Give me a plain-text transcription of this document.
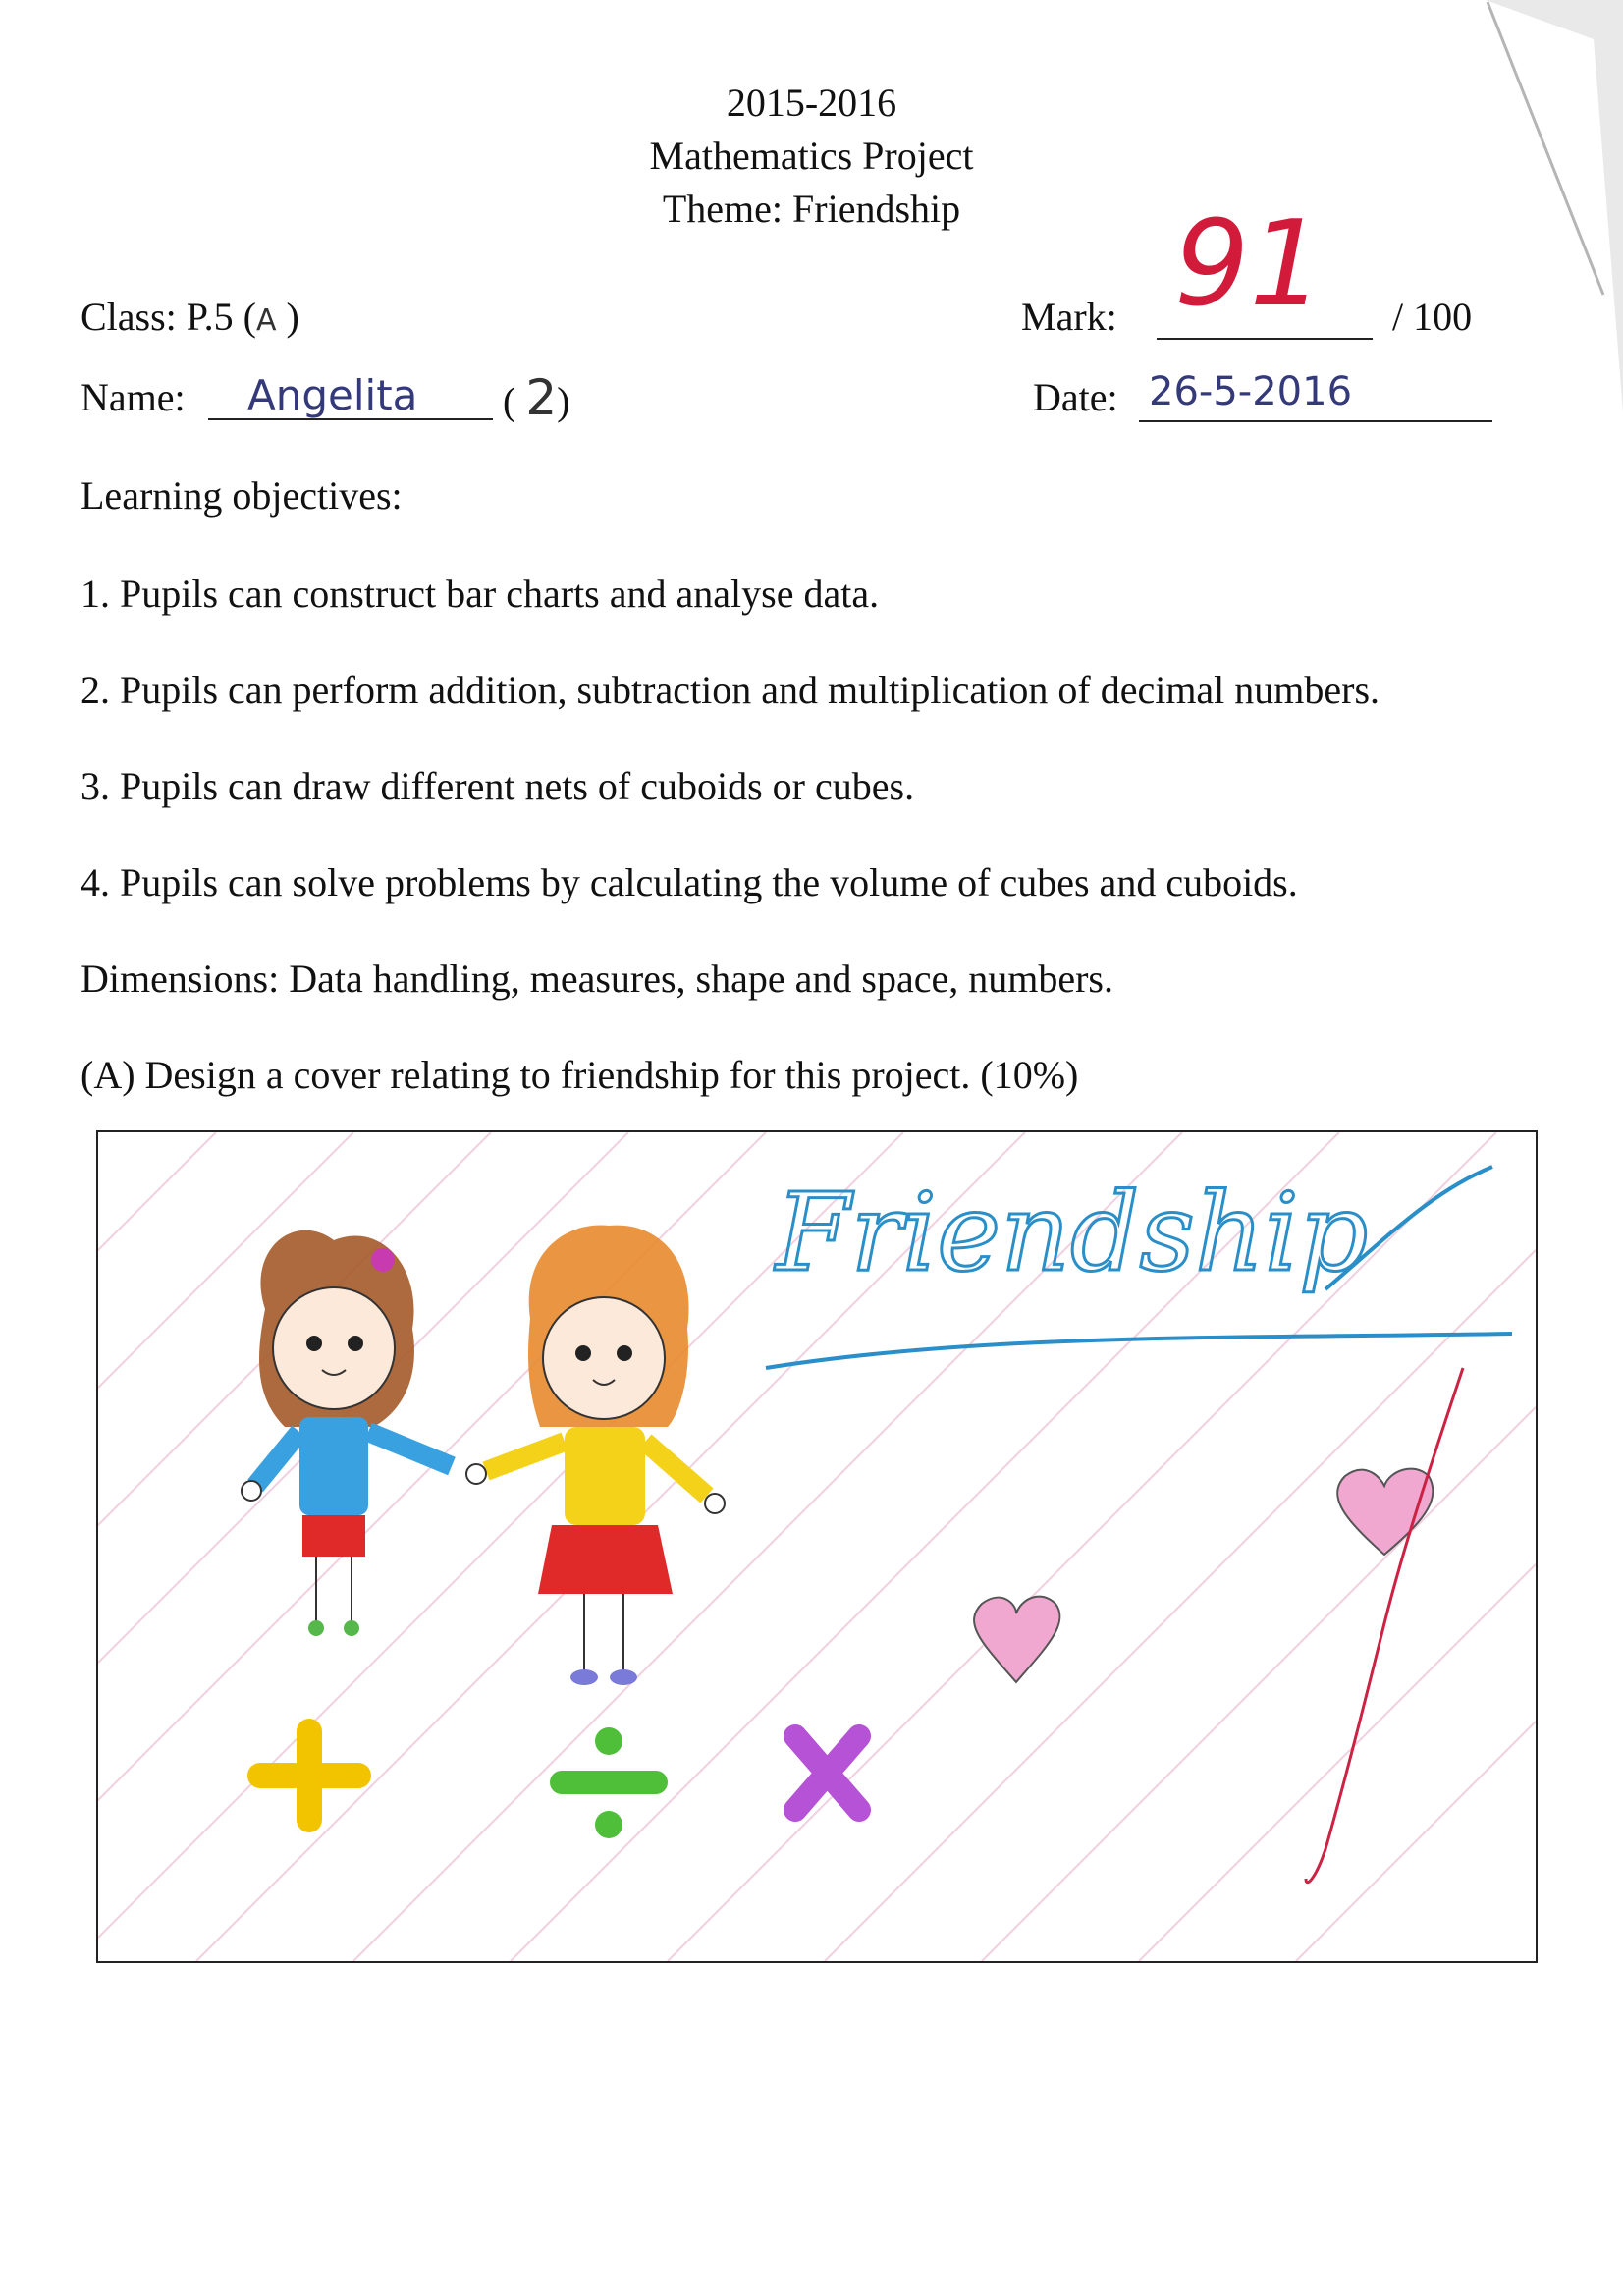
2015-2016
Mathematics Project
Theme: Friendship
Class: P.5 (A )
Name: Angelita ( 2)
Mark: 91 / 100
Date: 26-5-2016
Learning objectives:
1. Pupils can construct bar charts and analyse data.
2. Pupils can perform addition, subtraction and multiplication of decimal numbers.
3. Pupils can draw different nets of cuboids or cubes.
4. Pupils can solve problems by calculating the volume of cubes and cuboids.
Dimensions: Data handling, measures, shape and space, numbers.
(A) Design a cover relating to friendship for this project. (10%)
Friendship
